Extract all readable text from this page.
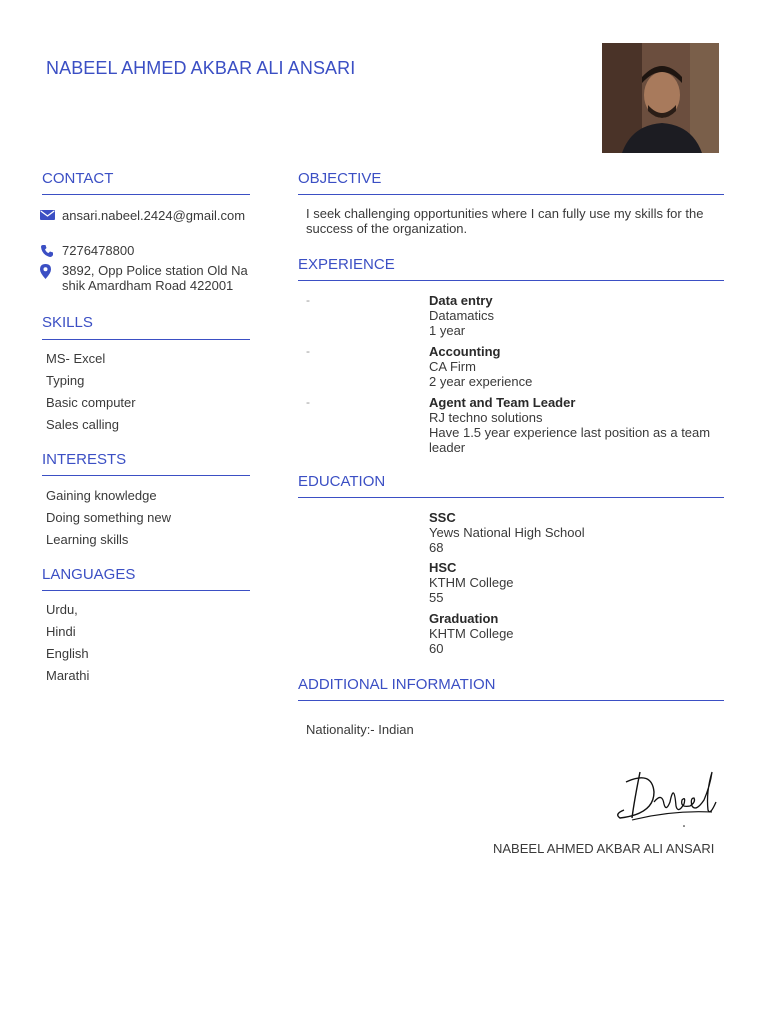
NABEEL AHMED AKBAR ALI ANSARI
CONTACT
ansari.nabeel.2424@gmail.com
7276478800
3892, Opp Police station Old Nashik Amardham Road 422001
SKILLS
MS- Excel
Typing
Basic computer
Sales calling
INTERESTS
Gaining knowledge
Doing something new
Learning skills
LANGUAGES
Urdu,
Hindi
English
Marathi
OBJECTIVE
I seek challenging opportunities where I can fully use my skills for the success of the organization.
EXPERIENCE
-	Data entry
Datamatics
1 year
-	Accounting
CA Firm
2 year experience
-	Agent and Team Leader
RJ techno solutions
Have 1.5 year experience last position as a team leader
EDUCATION
SSC
Yews National High School
68
HSC
KTHM College
55
Graduation
KHTM College
60
ADDITIONAL INFORMATION
Nationality:- Indian
NABEEL AHMED AKBAR ALI ANSARI
